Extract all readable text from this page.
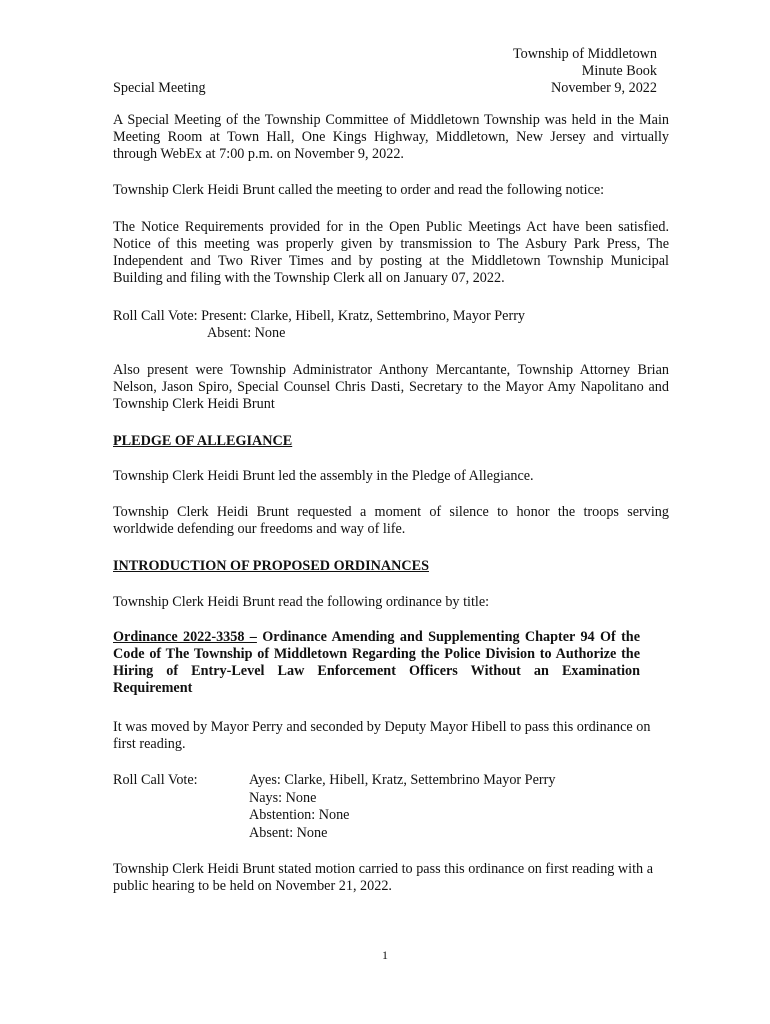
Township of Middletown
Minute Book
November 9, 2022
Special Meeting
A Special Meeting of the Township Committee of Middletown Township was held in the Main Meeting Room at Town Hall, One Kings Highway, Middletown, New Jersey and virtually through WebEx at 7:00 p.m. on November 9, 2022.
Township Clerk Heidi Brunt called the meeting to order and read the following notice:
The Notice Requirements provided for in the Open Public Meetings Act have been satisfied. Notice of this meeting was properly given by transmission to The Asbury Park Press, The Independent and Two River Times and by posting at the Middletown Township Municipal Building and filing with the Township Clerk all on January 07, 2022.
Roll Call Vote: Present: Clarke, Hibell, Kratz, Settembrino, Mayor Perry
Absent: None
Also present were Township Administrator Anthony Mercantante, Township Attorney Brian Nelson, Jason Spiro, Special Counsel Chris Dasti, Secretary to the Mayor Amy Napolitano and Township Clerk Heidi Brunt
PLEDGE OF ALLEGIANCE
Township Clerk Heidi Brunt led the assembly in the Pledge of Allegiance.
Township Clerk Heidi Brunt requested a moment of silence to honor the troops serving worldwide defending our freedoms and way of life.
INTRODUCTION OF PROPOSED ORDINANCES
Township Clerk Heidi Brunt read the following ordinance by title:
Ordinance 2022-3358 – Ordinance Amending and Supplementing Chapter 94 Of the Code of The Township of Middletown Regarding the Police Division to Authorize the Hiring of Entry-Level Law Enforcement Officers Without an Examination Requirement
It was moved by Mayor Perry and seconded by Deputy Mayor Hibell to pass this ordinance on first reading.
Roll Call Vote:	Ayes: Clarke, Hibell, Kratz, Settembrino Mayor Perry
Nays: None
Abstention: None
Absent: None
Township Clerk Heidi Brunt stated motion carried to pass this ordinance on first reading with a public hearing to be held on November 21, 2022.
1
